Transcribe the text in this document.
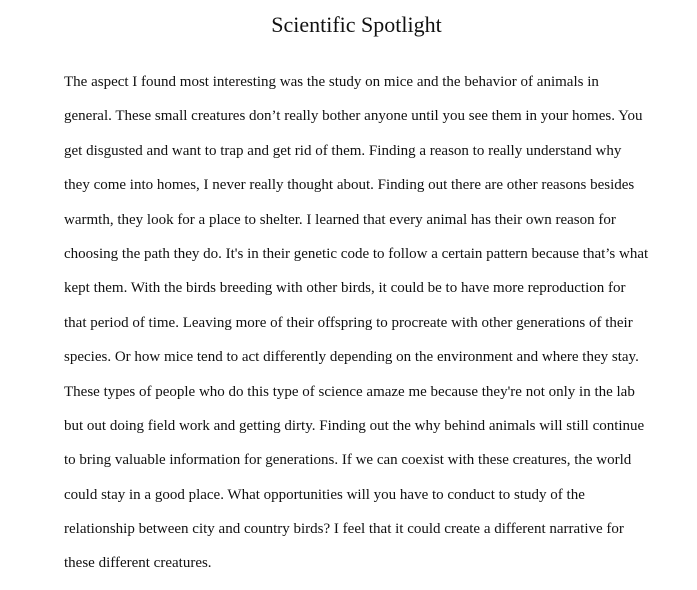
Scientific Spotlight
The aspect I found most interesting was the study on mice and the behavior of animals in
general. These small creatures don’t really bother anyone until you see them in your homes. You
get disgusted and want to trap and get rid of them. Finding a reason to really understand why
they come into homes, I never really thought about. Finding out there are other reasons besides
warmth, they look for a place to shelter. I learned that every animal has their own reason for
choosing the path they do. It's in their genetic code to follow a certain pattern because that’s what
kept them. With the birds breeding with other birds, it could be to have more reproduction for
that period of time. Leaving more of their offspring to procreate with other generations of their
species. Or how mice tend to act differently depending on the environment and where they stay.
These types of people who do this type of science amaze me because they're not only in the lab
but out doing field work and getting dirty. Finding out the why behind animals will still continue
to bring valuable information for generations. If we can coexist with these creatures, the world
could stay in a good place. What opportunities will you have to conduct to study of the
relationship between city and country birds? I feel that it could create a different narrative for
these different creatures.
